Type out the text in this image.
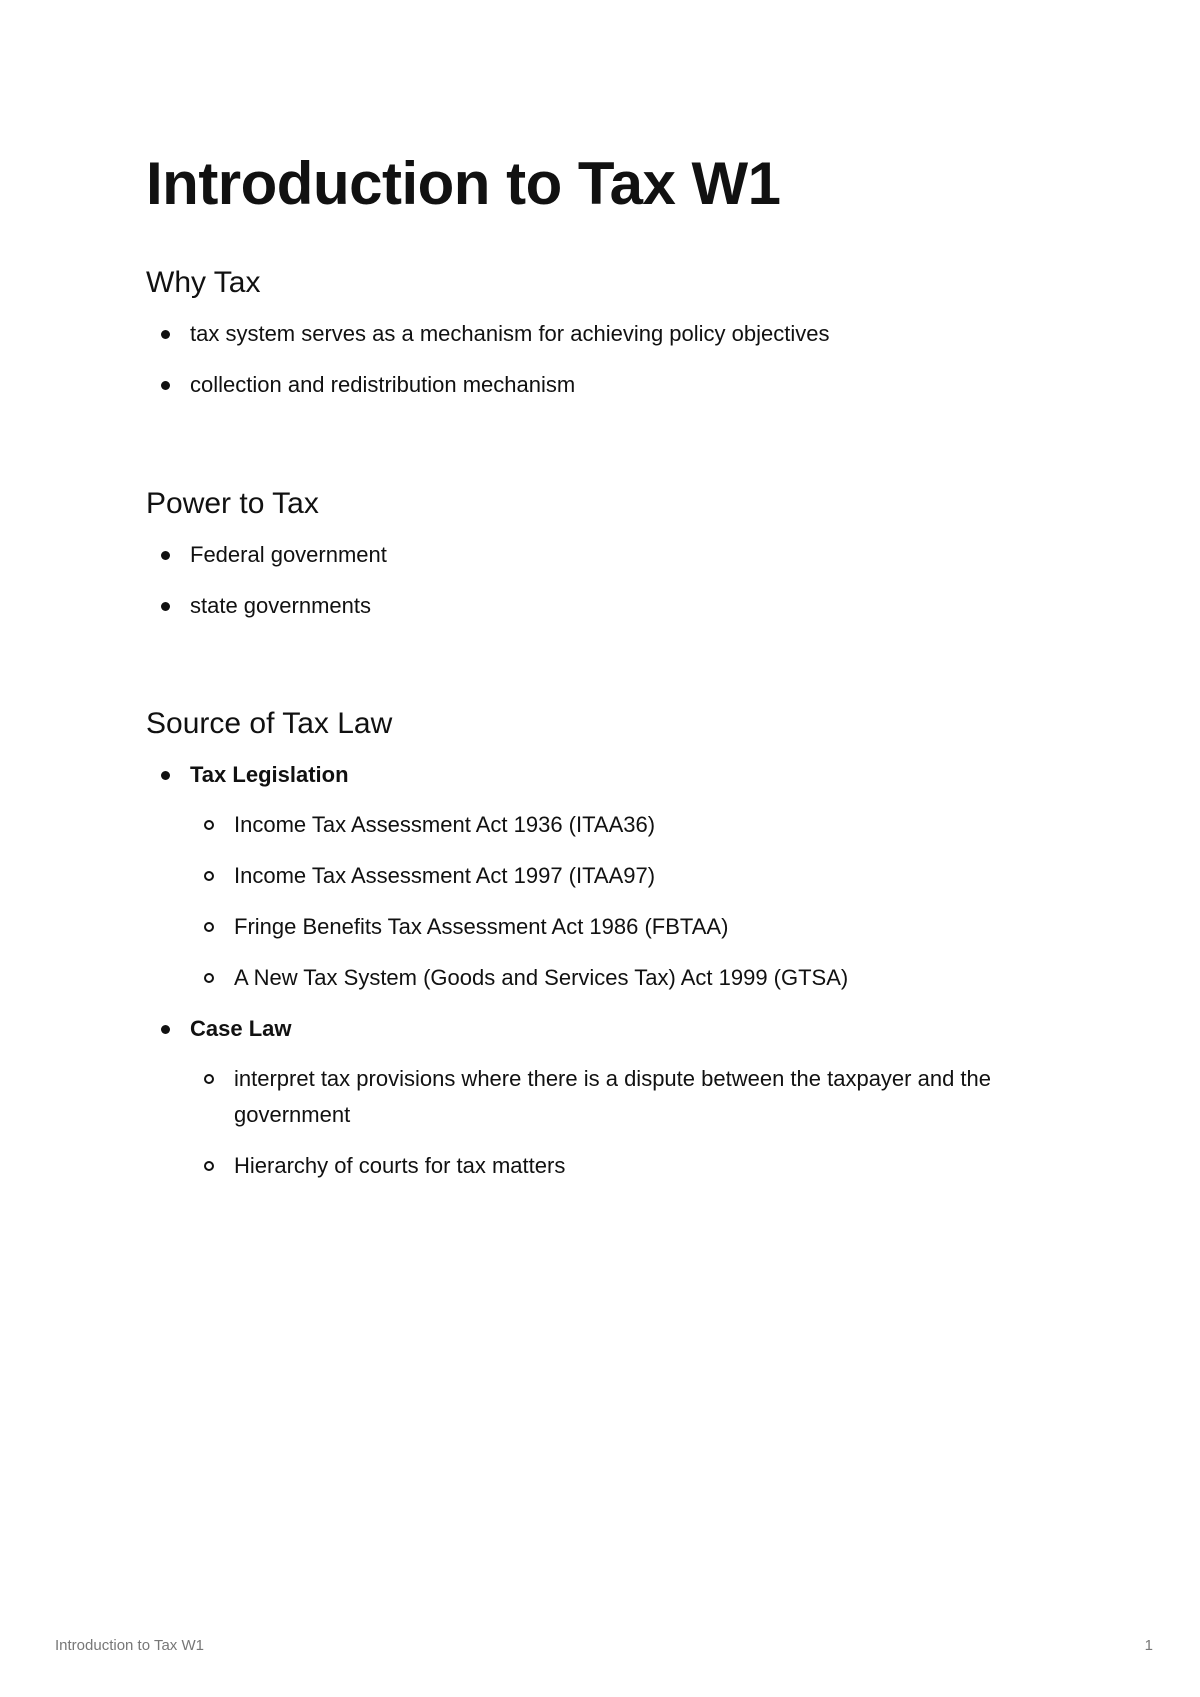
Introduction to Tax W1
Why Tax
tax system serves as a mechanism for achieving policy objectives
collection and redistribution mechanism
Power to Tax
Federal government
state governments
Source of Tax Law
Tax Legislation
Income Tax Assessment Act 1936 (ITAA36)
Income Tax Assessment Act 1997 (ITAA97)
Fringe Benefits Tax Assessment Act 1986 (FBTAA)
A New Tax System (Goods and Services Tax) Act 1999 (GTSA)
Case Law
interpret tax provisions where there is a dispute between the taxpayer and the government
Hierarchy of courts for tax matters
Introduction to Tax W1	1
